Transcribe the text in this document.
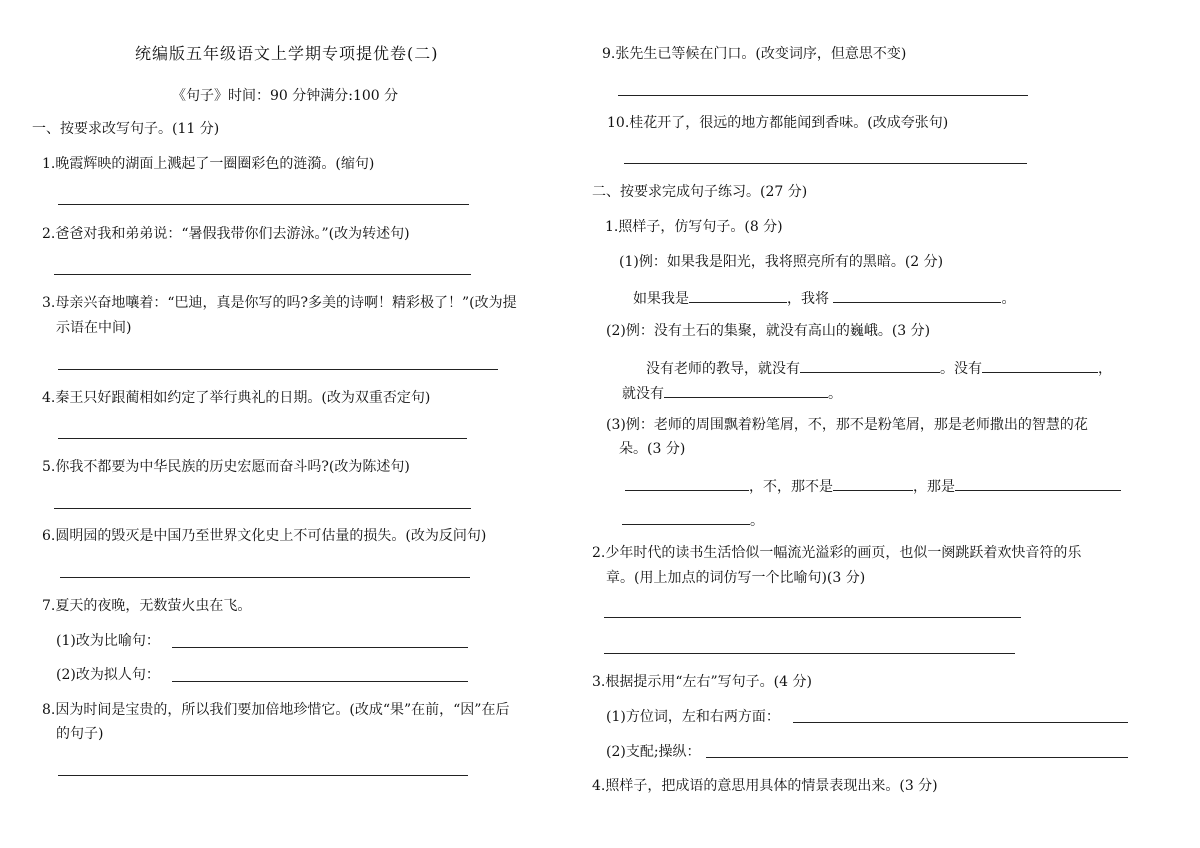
统编版五年级语文上学期专项提优卷(二)
《句子》时间：90 分钟满分:100 分
一、按要求改写句子。(11 分)
1.晚霞辉映的湖面上溅起了一圈圈彩色的涟漪。(缩句)
2.爸爸对我和弟弟说：“暑假我带你们去游泳。”(改为转述句)
3.母亲兴奋地嚷着：“巴迪，真是你写的吗?多美的诗啊！精彩极了！”(改为提
示语在中间)
4.秦王只好跟蔺相如约定了举行典礼的日期。(改为双重否定句)
5.你我不都要为中华民族的历史宏愿而奋斗吗?(改为陈述句)
6.圆明园的毁灭是中国乃至世界文化史上不可估量的损失。(改为反问句)
7.夏天的夜晚，无数萤火虫在飞。
(1)改为比喻句：
(2)改为拟人句：
8.因为时间是宝贵的，所以我们要加倍地珍惜它。(改成“果”在前，“因”在后
的句子)
9.张先生已等候在门口。(改变词序，但意思不变)
10.桂花开了，很远的地方都能闻到香味。(改成夸张句)
二、按要求完成句子练习。(27 分)
1.照样子，仿写句子。(8 分)
(1)例：如果我是阳光，我将照亮所有的黑暗。(2 分)
如果我是	，我将	。
(2)例：没有土石的集聚，就没有高山的巍峨。(3 分)
没有老师的教导，就没有	。没有	，
就没有	。
(3)例：老师的周围飘着粉笔屑，不，那不是粉笔屑，那是老师撒出的智慧的花
朵。(3 分)
，不，那不是	，那是
。
2.少年时代的读书生活恰似一幅流光溢彩的画页，也似一阕跳跃着欢快音符的乐
章。(用上加点的词仿写一个比喻句)(3 分)
3.根据提示用“左右”写句子。(4 分)
(1)方位词，左和右两方面：
(2)支配;操纵：
4.照样子，把成语的意思用具体的情景表现出来。(3 分)
